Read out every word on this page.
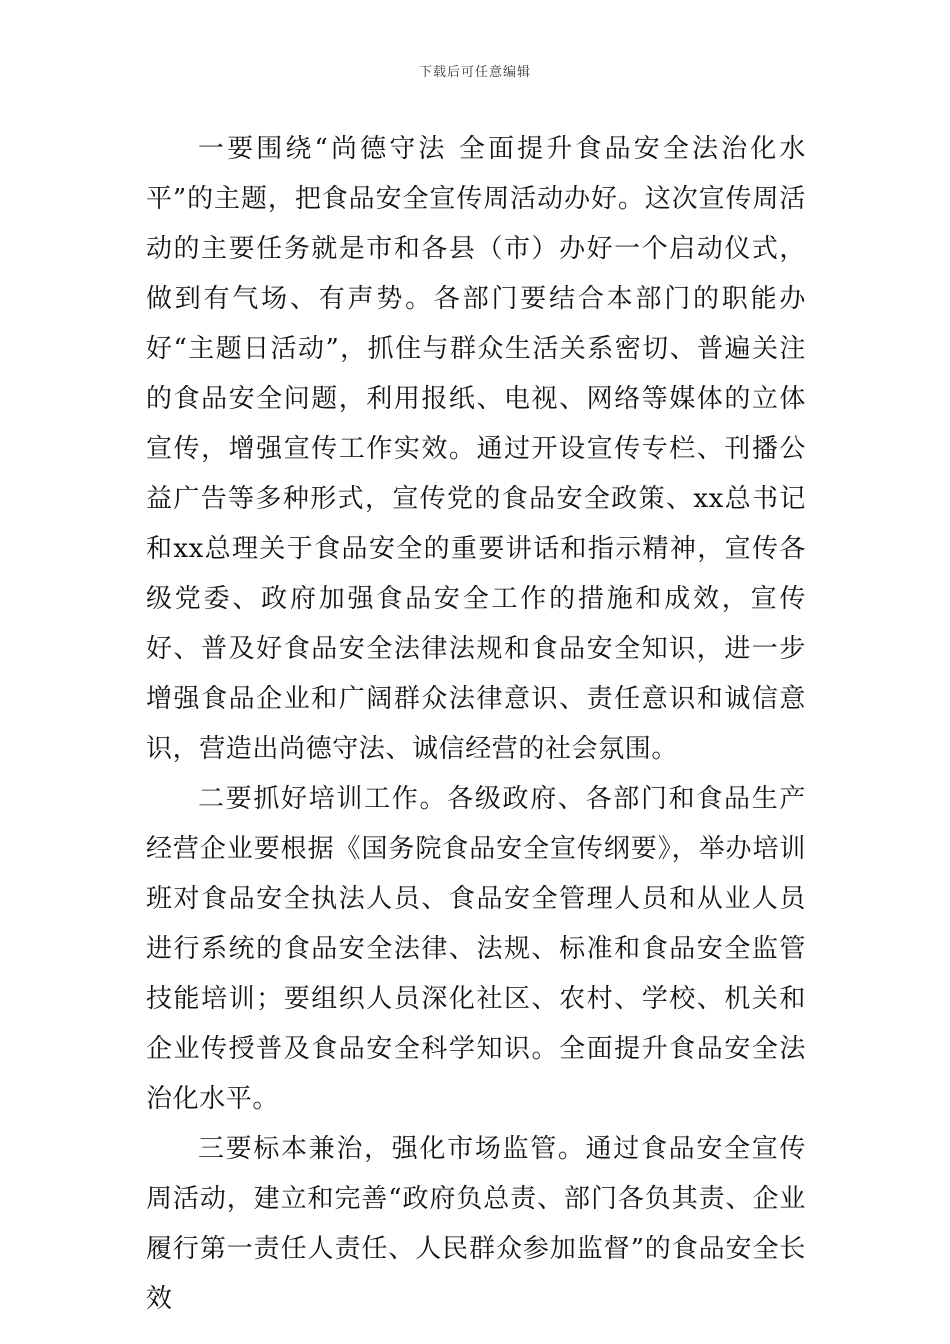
下载后可任意编辑

一要围绕“尚德守法 全面提升食品安全法治化水平”的主题，把食品安全宣传周活动办好。这次宣传周活动的主要任务就是市和各县（市）办好一个启动仪式，做到有气场、有声势。各部门要结合本部门的职能办好“主题日活动”，抓住与群众生活关系密切、普遍关注的食品安全问题，利用报纸、电视、网络等媒体的立体宣传，增强宣传工作实效。通过开设宣传专栏、刊播公益广告等多种形式，宣传党的食品安全政策、xx总书记和xx总理关于食品安全的重要讲话和指示精神，宣传各级党委、政府加强食品安全工作的措施和成效，宣传好、普及好食品安全法律法规和食品安全知识，进一步增强食品企业和广阔群众法律意识、责任意识和诚信意识，营造出尚德守法、诚信经营的社会氛围。

二要抓好培训工作。各级政府、各部门和食品生产经营企业要根据《国务院食品安全宣传纲要》，举办培训班对食品安全执法人员、食品安全管理人员和从业人员进行系统的食品安全法律、法规、标准和食品安全监管技能培训；要组织人员深化社区、农村、学校、机关和企业传授普及食品安全科学知识。全面提升食品安全法治化水平。

三要标本兼治，强化市场监管。通过食品安全宣传周活动，建立和完善“政府负总责、部门各负其责、企业履行第一责任人责任、人民群众参加监督”的食品安全长效
